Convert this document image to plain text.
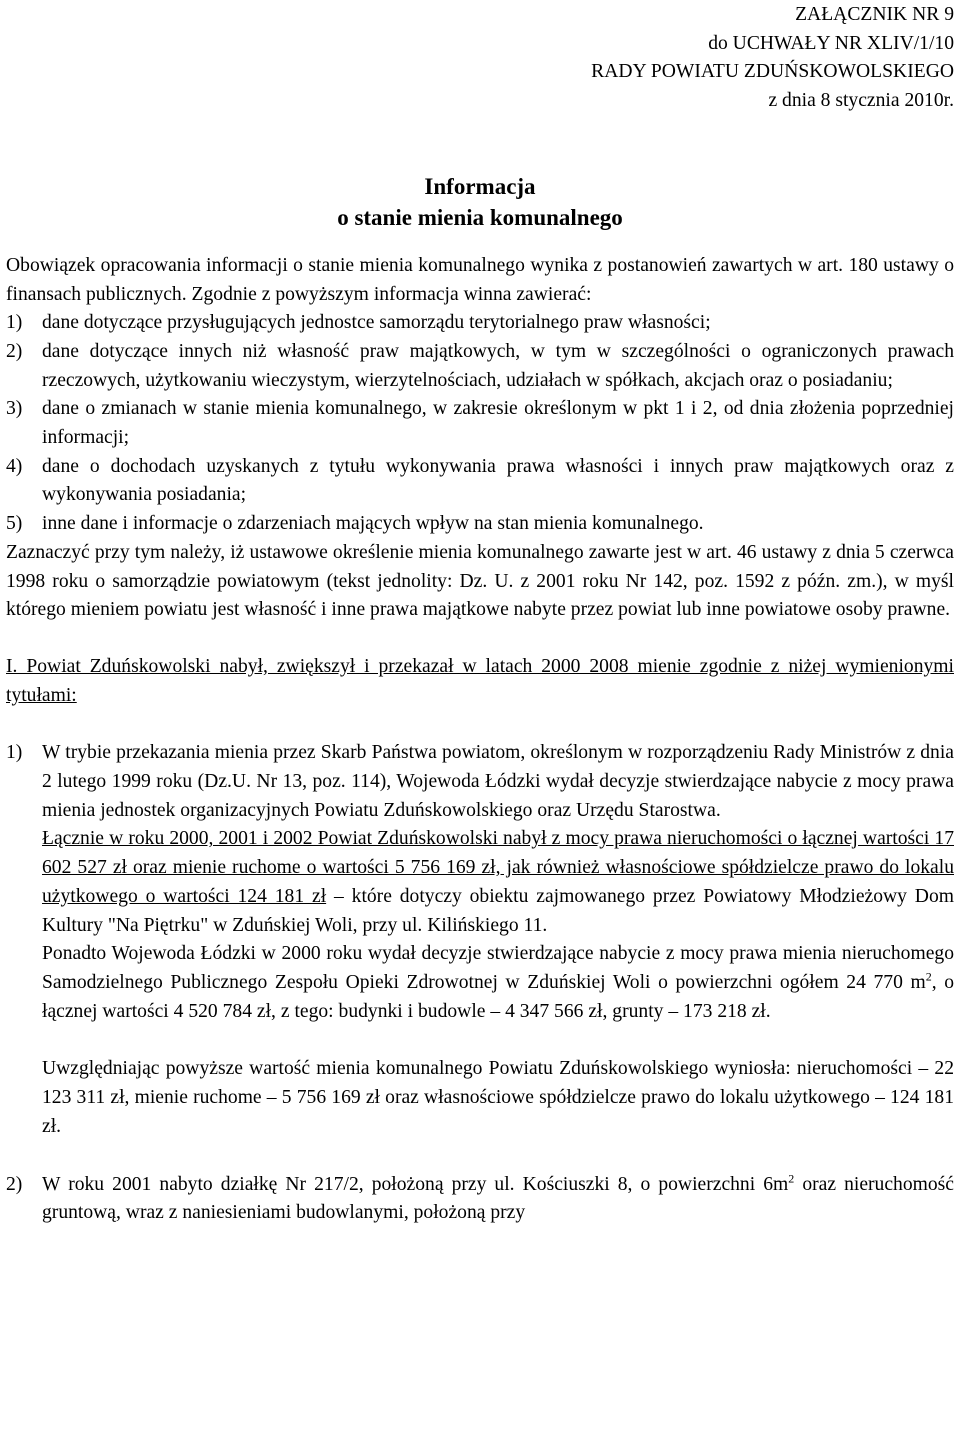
ZAŁĄCZNIK NR 9
do UCHWAŁY NR XLIV/1/10
RADY POWIATU ZDUŃSKOWOLSKIEGO
z dnia 8 stycznia 2010r.
Informacja
o stanie mienia komunalnego

Obowiązek opracowania informacji o stanie mienia komunalnego wynika z postanowień zawartych w art. 180 ustawy o finansach publicznych. Zgodnie z powyższym informacja winna zawierać:

1)	dane dotyczące przysługujących jednostce samorządu terytorialnego praw własności;
2)	dane dotyczące innych niż własność praw majątkowych, w tym w szczególności o ograniczonych prawach rzeczowych, użytkowaniu wieczystym, wierzytelnościach, udziałach w spółkach, akcjach oraz o posiadaniu;
3)	dane o zmianach w stanie mienia komunalnego, w zakresie określonym w pkt 1 i 2, od dnia złożenia poprzedniej informacji;
4)	dane o dochodach uzyskanych z tytułu wykonywania prawa własności i innych praw majątkowych oraz z wykonywania posiadania;
5)	inne dane i informacje o zdarzeniach mających wpływ na stan mienia komunalnego.

Zaznaczyć przy tym należy, iż ustawowe określenie mienia komunalnego zawarte jest w art. 46 ustawy z dnia 5 czerwca 1998 roku o samorządzie powiatowym (tekst jednolity: Dz. U. z 2001 roku Nr 142, poz. 1592 z późn. zm.), w myśl którego mieniem powiatu jest własność i inne prawa majątkowe nabyte przez powiat lub inne powiatowe osoby prawne.

I. Powiat Zduńskowolski nabył, zwiększył i przekazał w latach 2000 2008 mienie zgodnie z niżej wymienionymi tytułami:

1)	W trybie przekazania mienia przez Skarb Państwa powiatom, określonym w rozporządzeniu Rady Ministrów z dnia 2 lutego 1999 roku (Dz.U. Nr 13, poz. 114), Wojewoda Łódzki wydał decyzje stwierdzające nabycie z mocy prawa mienia jednostek organizacyjnych Powiatu Zduńskowolskiego oraz Urzędu Starostwa.

Łącznie w roku 2000, 2001 i 2002 Powiat Zduńskowolski nabył z mocy prawa nieruchomości o łącznej wartości 17 602 527 zł oraz mienie ruchome o wartości 5 756 169 zł, jak również własnościowe spółdzielcze prawo do lokalu użytkowego o wartości 124 181 zł – które dotyczy obiektu zajmowanego przez Powiatowy Młodzieżowy Dom Kultury "Na Piętrku" w Zduńskiej Woli, przy ul. Kilińskiego 11.

Ponadto Wojewoda Łódzki w 2000 roku wydał decyzje stwierdzające nabycie z mocy prawa mienia nieruchomego Samodzielnego Publicznego Zespołu Opieki Zdrowotnej w Zduńskiej Woli o powierzchni ogółem 24 770 $m^2$, o łącznej wartości 4 520 784 zł, z tego: budynki i budowle – 4 347 566 zł, grunty – 173 218 zł.

Uwzględniając powyższe wartość mienia komunalnego Powiatu Zduńskowolskiego wyniosła: nieruchomości – 22 123 311 zł, mienie ruchome – 5 756 169 zł oraz własnościowe spółdzielcze prawo do lokalu użytkowego – 124 181 zł.

2)	W roku 2001 nabyto działkę Nr 217/2, położoną przy ul. Kościuszki 8, o powierzchni $6m^2$ oraz nieruchomość gruntową, wraz z naniesieniami budowlanymi, położoną przy
